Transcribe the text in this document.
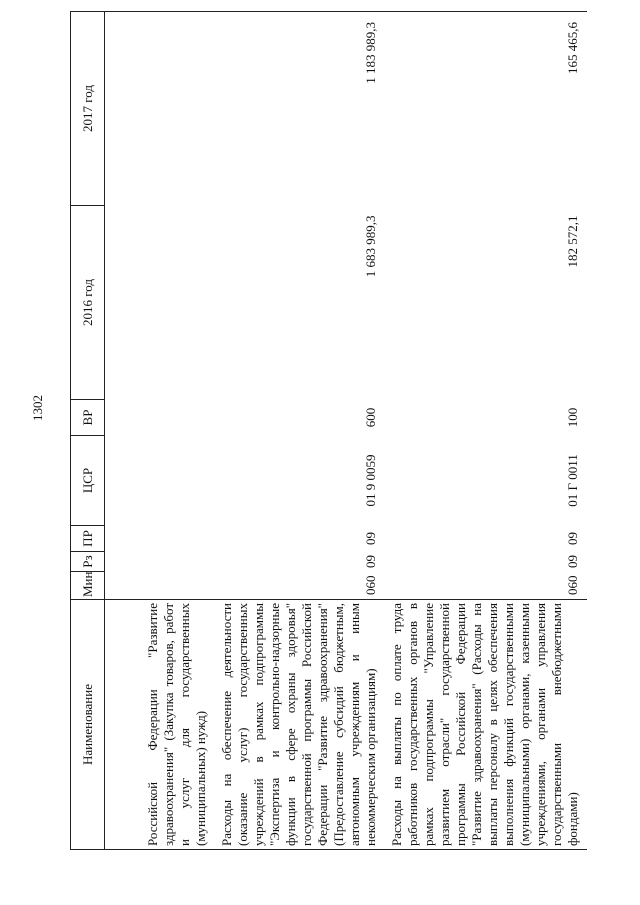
1302
Наименование	Мин	Рз	ПР	ЦСР	ВР	2016 год	2017 год
Российской Федерации "Развитие здравоохранения" (Закупка товаров, работ и услуг для государственных (муниципальных) нужд)							
Расходы на обеспечение деятельности (оказание услуг) государственных учреждений в рамках подпрограммы "Экспертиза и контрольно-надзорные функции в сфере охраны здоровья" государственной программы Российской Федерации "Развитие здравоохранения" (Предоставление субсидий бюджетным, автономным учреждениям и иным некоммерческим организациям)	060	09	09	01 9 0059	600	1 683 989,3	1 183 989,3
Расходы на выплаты по оплате труда работников государственных органов в рамках подпрограммы "Управление развитием отрасли" государственной программы Российской Федерации "Развитие здравоохранения" (Расходы на выплаты персоналу в целях обеспечения выполнения функций государственными (муниципальными) органами, казенными учреждениями, органами управления государственными внебюджетными фондами)	060	09	09	01 Г 0011	100	182 572,1	165 465,6
